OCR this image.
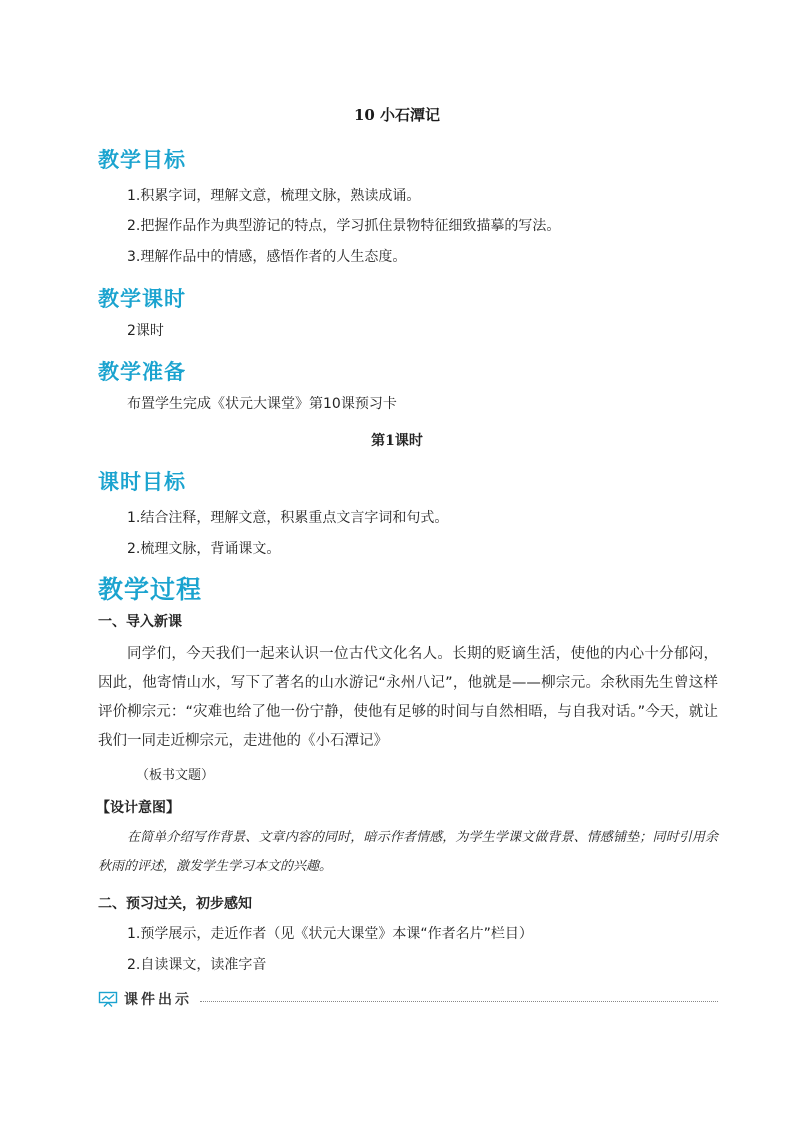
10 小石潭记
教学目标
1.积累字词，理解文意，梳理文脉，熟读成诵。
2.把握作品作为典型游记的特点，学习抓住景物特征细致描摹的写法。
3.理解作品中的情感，感悟作者的人生态度。
教学课时
2课时
教学准备
布置学生完成《状元大课堂》第10课预习卡
第1课时
课时目标
1.结合注释，理解文意，积累重点文言字词和句式。
2.梳理文脉，背诵课文。
教学过程
一、导入新课

同学们，今天我们一起来认识一位古代文化名人。长期的贬谪生活，使他的内心十分郁闷，因此，他寄情山水，写下了著名的山水游记“永州八记”，他就是——柳宗元。余秋雨先生曾这样评价柳宗元：“灾难也给了他一份宁静，使他有足够的时间与自然相晤，与自我对话。”今天，就让我们一同走近柳宗元，走进他的《小石潭记》

（板书文题）
【设计意图】

在简单介绍写作背景、文章内容的同时，暗示作者情感，为学生学课文做背景、情感铺垫；同时引用余秋雨的评述，激发学生学习本文的兴趣。

二、预习过关，初步感知
1.预学展示，走近作者（见《状元大课堂》本课“作者名片”栏目）
2.自读课文，读准字音
课件出示
